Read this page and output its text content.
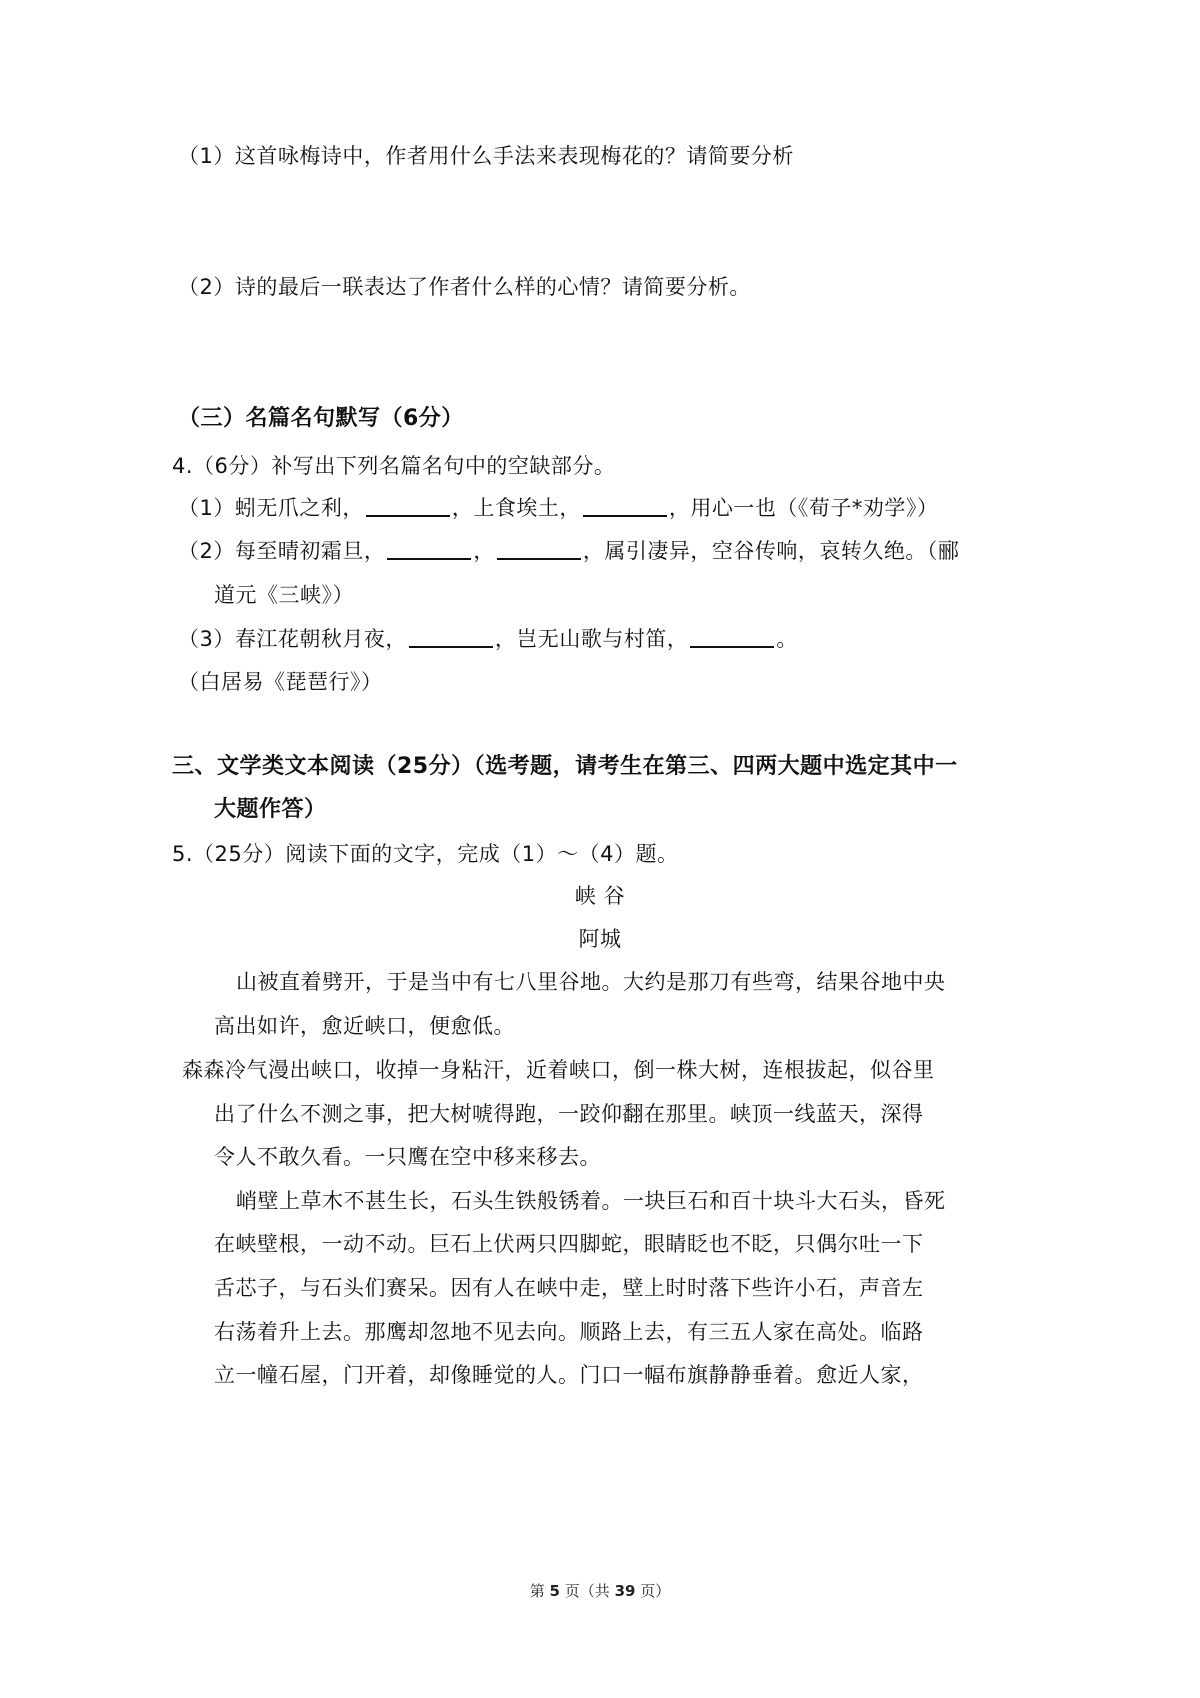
（1）这首咏梅诗中，作者用什么手法来表现梅花的？请简要分析
（2）诗的最后一联表达了作者什么样的心情？请简要分析。
（三）名篇名句默写（6分）
4.（6分）补写出下列名篇名句中的空缺部分。
（1）蚓无爪之利，	，上食埃土，	，用心一也（《荀子*劝学》）
（2）每至晴初霜旦，	，	，属引凄异，空谷传响，哀转久绝。（郦
道元《三峡》）
（3）春江花朝秋月夜，	，岂无山歌与村笛，	。
（白居易《琵琶行》）
三、文学类文本阅读（25分）（选考题，请考生在第三、四两大题中选定其中一
大题作答）
5.（25分）阅读下面的文字，完成（1）～（4）题。
峡 谷
阿城
山被直着劈开，于是当中有七八里谷地。大约是那刀有些弯，结果谷地中央
高出如许，愈近峡口，便愈低。
森森冷气漫出峡口，收掉一身粘汗，近着峡口，倒一株大树，连根拔起，似谷里
出了什么不测之事，把大树唬得跑，一跤仰翻在那里。峡顶一线蓝天，深得
令人不敢久看。一只鹰在空中移来移去。
峭壁上草木不甚生长，石头生铁般锈着。一块巨石和百十块斗大石头，昏死
在峡壁根，一动不动。巨石上伏两只四脚蛇，眼睛眨也不眨，只偶尔吐一下
舌芯子，与石头们赛呆。因有人在峡中走，壁上时时落下些许小石，声音左
右荡着升上去。那鹰却忽地不见去向。顺路上去，有三五人家在高处。临路
立一幢石屋，门开着，却像睡觉的人。门口一幅布旗静静垂着。愈近人家，
第 5 页（共 39 页）
